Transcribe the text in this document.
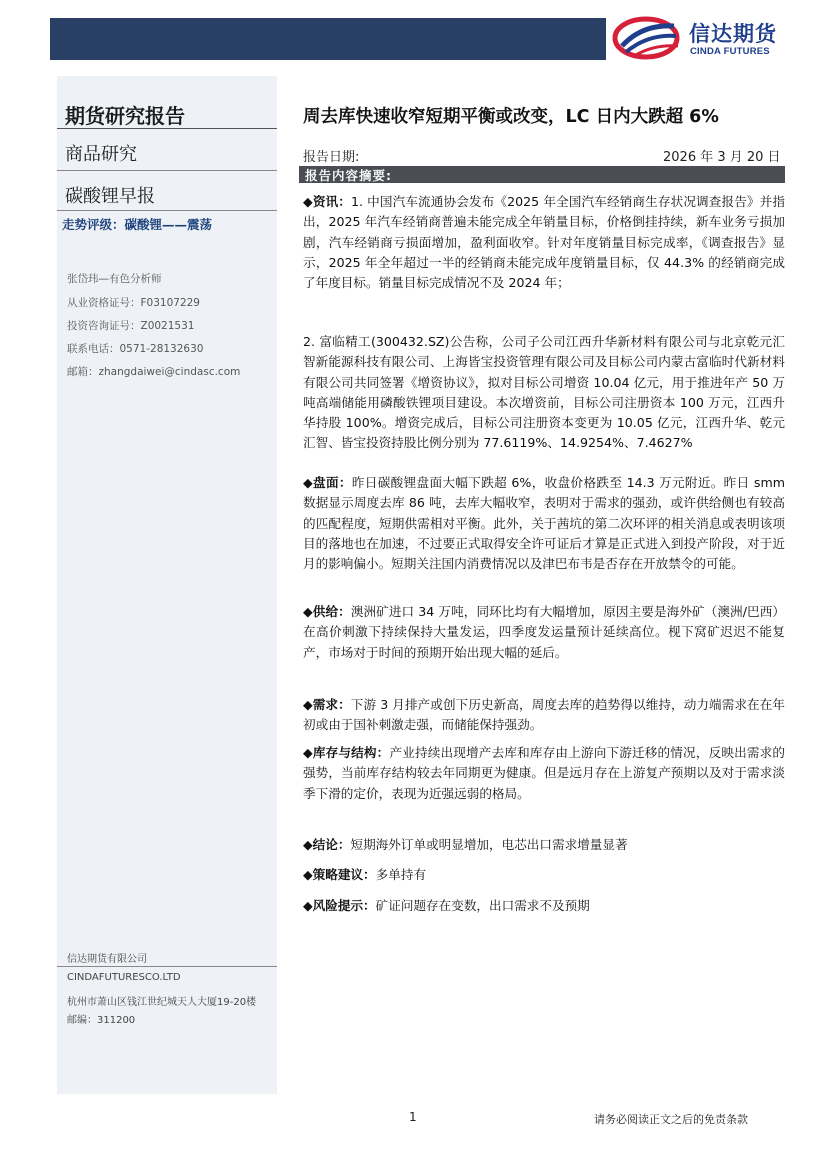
信达期货
CINDA FUTURES
期货研究报告
商品研究
碳酸锂早报
走势评级：碳酸锂——震荡
张岱玮—有色分析师
从业资格证号：F03107229
投资咨询证号：Z0021531
联系电话：0571-28132630
邮箱：zhangdaiwei@cindasc.com
信达期货有限公司
CINDAFUTURESCO.LTD
杭州市萧山区钱江世纪城天人大厦19-20楼
邮编：311200
周去库快速收窄短期平衡或改变，LC 日内大跌超 6%
报告日期:	2026 年 3 月 20 日
报告内容摘要:
◆资讯：1. 中国汽车流通协会发布《2025 年全国汽车经销商生存状况调查报告》并指出，2025 年汽车经销商普遍未能完成全年销量目标，价格倒挂持续，新车业务亏损加剧，汽车经销商亏损面增加，盈利面收窄。针对年度销量目标完成率，《调查报告》显示，2025 年全年超过一半的经销商未能完成年度销量目标，仅 44.3% 的经销商完成了年度目标。销量目标完成情况不及 2024 年；
2. 富临精工(300432.SZ)公告称，公司子公司江西升华新材料有限公司与北京乾元汇智新能源科技有限公司、上海皆宝投资管理有限公司及目标公司内蒙古富临时代新材料有限公司共同签署《增资协议》，拟对目标公司增资 10.04 亿元，用于推进年产 50 万吨高端储能用磷酸铁锂项目建设。本次增资前，目标公司注册资本 100 万元，江西升华持股 100%。增资完成后，目标公司注册资本变更为 10.05 亿元，江西升华、乾元汇智、皆宝投资持股比例分别为 77.6119%、14.9254%、7.4627%
◆盘面：昨日碳酸锂盘面大幅下跌超 6%，收盘价格跌至 14.3 万元附近。昨日 smm 数据显示周度去库 86 吨，去库大幅收窄，表明对于需求的强劲，或许供给侧也有较高的匹配程度，短期供需相对平衡。此外，关于茜坑的第二次环评的相关消息或表明该项目的落地也在加速，不过要正式取得安全许可证后才算是正式进入到投产阶段，对于近月的影响偏小。短期关注国内消费情况以及津巴布韦是否存在开放禁令的可能。
◆供给：澳洲矿进口 34 万吨，同环比均有大幅增加，原因主要是海外矿（澳洲/巴西）在高价刺激下持续保持大量发运，四季度发运量预计延续高位。枧下窝矿迟迟不能复产，市场对于时间的预期开始出现大幅的延后。
◆需求：下游 3 月排产或创下历史新高，周度去库的趋势得以维持，动力端需求在在年初或由于国补刺激走强，而储能保持强劲。
◆库存与结构：产业持续出现增产去库和库存由上游向下游迁移的情况，反映出需求的强势，当前库存结构较去年同期更为健康。但是远月存在上游复产预期以及对于需求淡季下滑的定价，表现为近强远弱的格局。
◆结论：短期海外订单或明显增加，电芯出口需求增量显著
◆策略建议：多单持有
◆风险提示：矿证问题存在变数，出口需求不及预期
1	请务必阅读正文之后的免责条款
